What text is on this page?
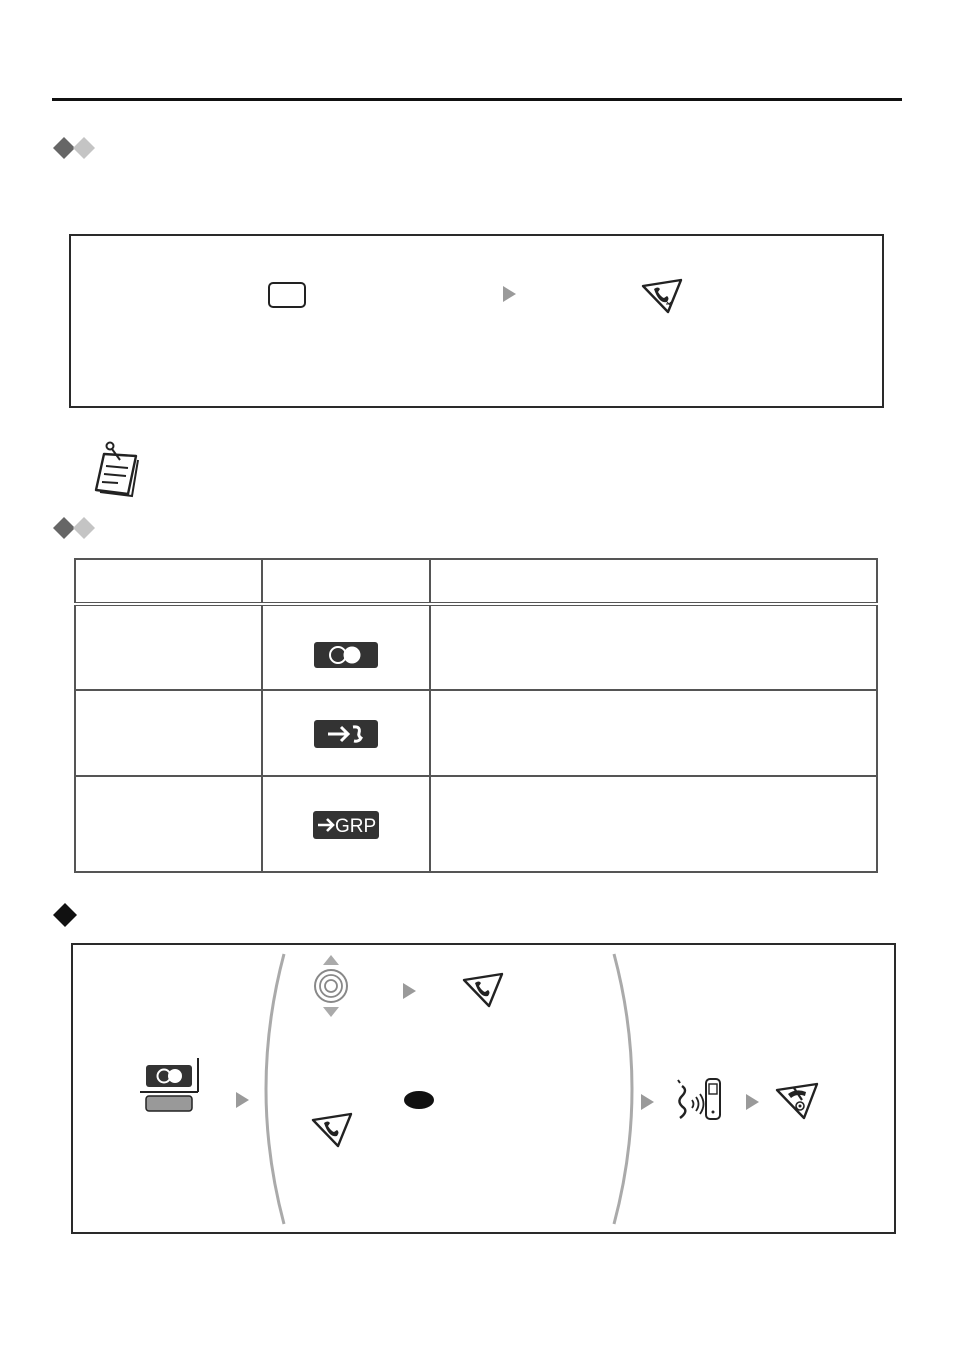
GRP	
